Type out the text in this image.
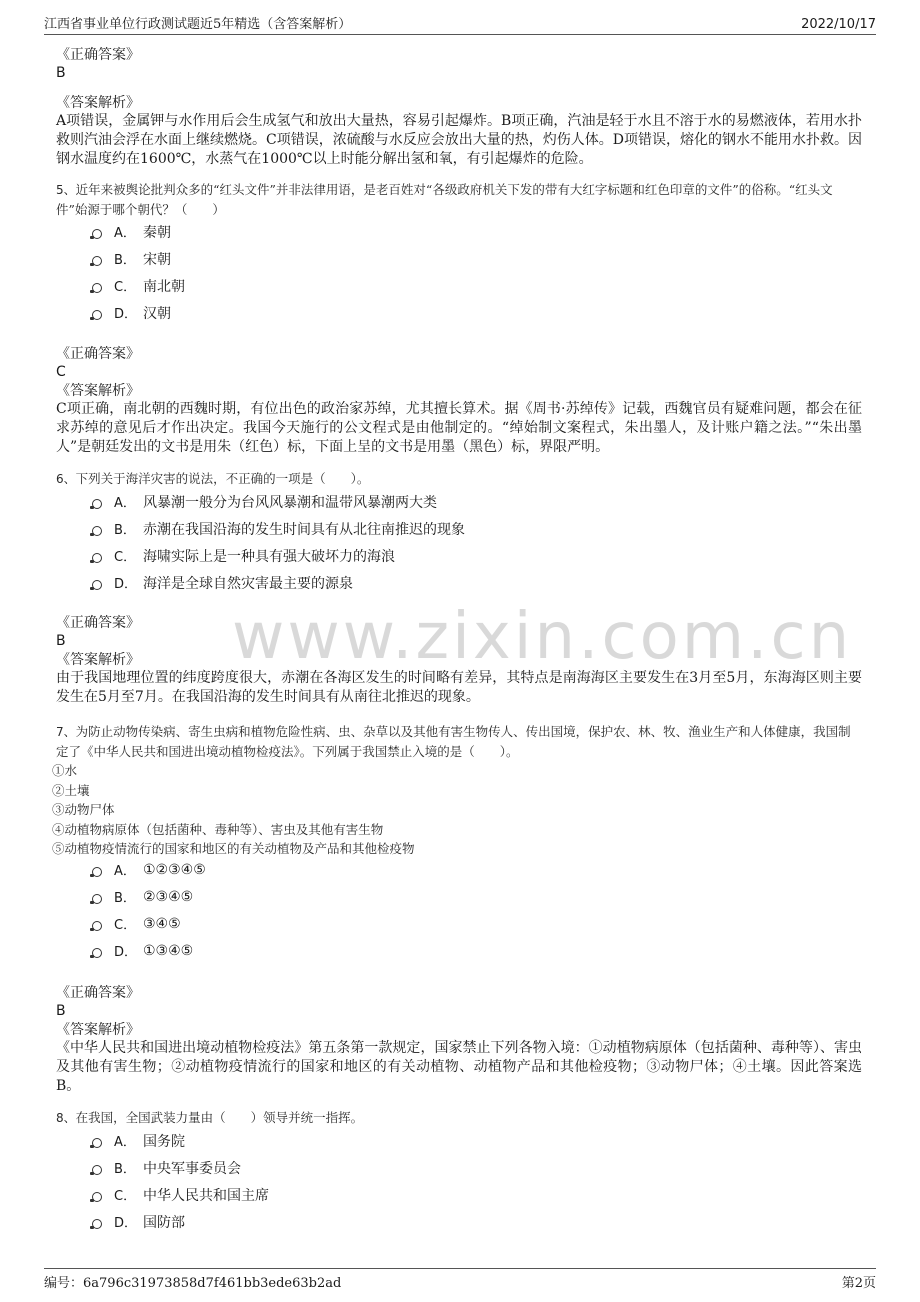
江西省事业单位行政测试题近5年精选（含答案解析）	2022/10/17
www.zixin.com.cn
《正确答案》
B
《答案解析》
A项错误，金属钾与水作用后会生成氢气和放出大量热，容易引起爆炸。B项正确，汽油是轻于水且不溶于水的易燃液体，若用水扑救则汽油会浮在水面上继续燃烧。C项错误，浓硫酸与水反应会放出大量的热，灼伤人体。D项错误，熔化的钢水不能用水扑救。因钢水温度约在1600℃，水蒸气在1000℃以上时能分解出氢和氧，有引起爆炸的危险。
5、近年来被舆论批判众多的“红头文件”并非法律用语，是老百姓对“各级政府机关下发的带有大红字标题和红色印章的文件”的俗称。“红头文件”始源于哪个朝代？（　　）
A． 秦朝
B． 宋朝
C． 南北朝
D． 汉朝
《正确答案》
C
《答案解析》
C项正确，南北朝的西魏时期，有位出色的政治家苏绰，尤其擅长算术。据《周书·苏绰传》记载，西魏官员有疑难问题，都会在征求苏绰的意见后才作出决定。我国今天施行的公文程式是由他制定的。“绰始制文案程式，朱出墨人，及计账户籍之法。”“朱出墨人”是朝廷发出的文书是用朱（红色）标，下面上呈的文书是用墨（黑色）标，界限严明。
6、下列关于海洋灾害的说法，不正确的一项是（　　）。
A． 风暴潮一般分为台风风暴潮和温带风暴潮两大类
B． 赤潮在我国沿海的发生时间具有从北往南推迟的现象
C． 海啸实际上是一种具有强大破坏力的海浪
D． 海洋是全球自然灾害最主要的源泉
《正确答案》
B
《答案解析》
由于我国地理位置的纬度跨度很大，赤潮在各海区发生的时间略有差异，其特点是南海海区主要发生在3月至5月，东海海区则主要发生在5月至7月。在我国沿海的发生时间具有从南往北推迟的现象。
7、为防止动物传染病、寄生虫病和植物危险性病、虫、杂草以及其他有害生物传人、传出国境，保护农、林、牧、渔业生产和人体健康，我国制定了《中华人民共和国进出境动植物检疫法》。下列属于我国禁止入境的是（　　）。
①水
②土壤
③动物尸体
④动植物病原体（包括菌种、毒种等）、害虫及其他有害生物
⑤动植物疫情流行的国家和地区的有关动植物及产品和其他检疫物
A． ①②③④⑤
B． ②③④⑤
C． ③④⑤
D． ①③④⑤
《正确答案》
B
《答案解析》
《中华人民共和国进出境动植物检疫法》第五条第一款规定，国家禁止下列各物入境：①动植物病原体（包括菌种、毒种等）、害虫及其他有害生物；②动植物疫情流行的国家和地区的有关动植物、动植物产品和其他检疫物；③动物尸体；④土壤。因此答案选B。
8、在我国，全国武装力量由（　　）领导并统一指挥。
A． 国务院
B． 中央军事委员会
C． 中华人民共和国主席
D． 国防部
编号：6a796c31973858d7f461bb3ede63b2ad	第2页
